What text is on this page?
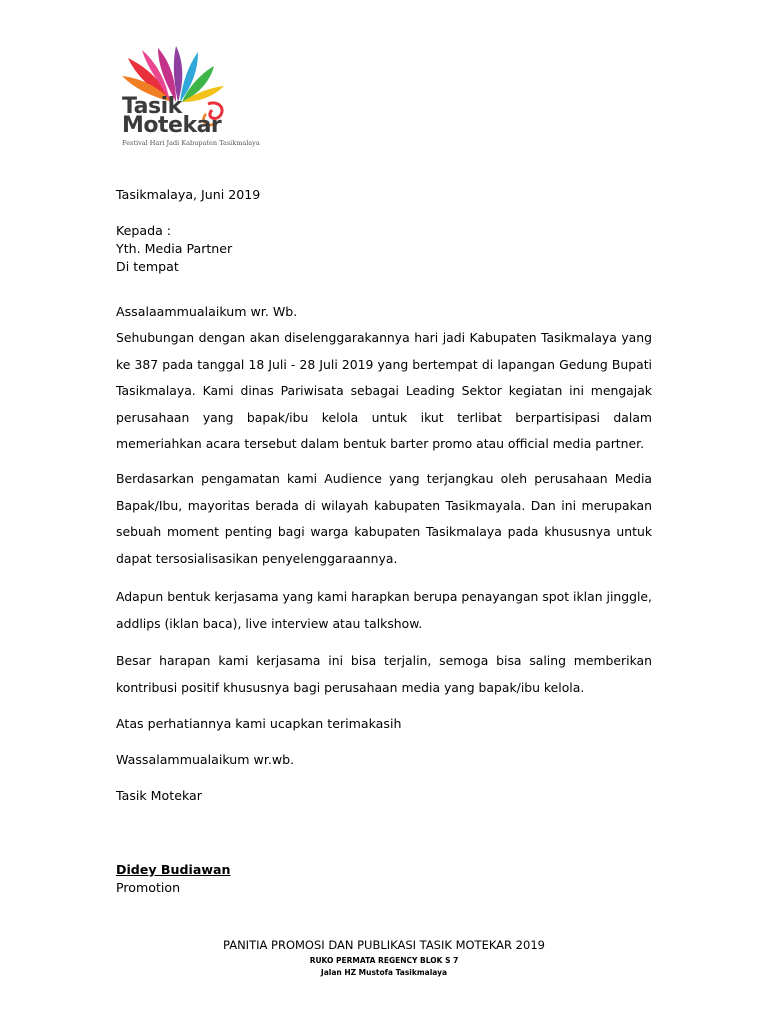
Tasik
Motekar
Festival Hari Jadi Kabupaten Tasikmalaya
Tasikmalaya, Juni 2019
Kepada :
Yth. Media Partner
Di tempat
Assalaammualaikum wr. Wb.
Sehubungan dengan akan diselenggarakannya hari jadi Kabupaten Tasikmalaya yang ke 387 pada tanggal 18 Juli - 28 Juli 2019 yang bertempat di lapangan Gedung Bupati Tasikmalaya. Kami dinas Pariwisata sebagai Leading Sektor kegiatan ini mengajak perusahaan yang bapak/ibu kelola untuk ikut terlibat berpartisipasi dalam memeriahkan acara tersebut dalam bentuk barter promo atau official media partner.
Berdasarkan pengamatan kami Audience yang terjangkau oleh perusahaan Media Bapak/Ibu, mayoritas berada di wilayah kabupaten Tasikmayala. Dan ini merupakan sebuah moment penting bagi warga kabupaten Tasikmalaya pada khususnya untuk dapat tersosialisasikan penyelenggaraannya.
Adapun bentuk kerjasama yang kami harapkan berupa penayangan spot iklan jinggle, addlips (iklan baca), live interview atau talkshow.
Besar harapan kami kerjasama ini bisa terjalin, semoga bisa saling memberikan kontribusi positif khususnya bagi perusahaan media yang bapak/ibu kelola.
Atas perhatiannya kami ucapkan terimakasih
Wassalammualaikum wr.wb.
Tasik Motekar
Didey Budiawan
Promotion
PANITIA PROMOSI DAN PUBLIKASI TASIK MOTEKAR 2019
RUKO PERMATA REGENCY BLOK S 7
Jalan HZ Mustofa Tasikmalaya
